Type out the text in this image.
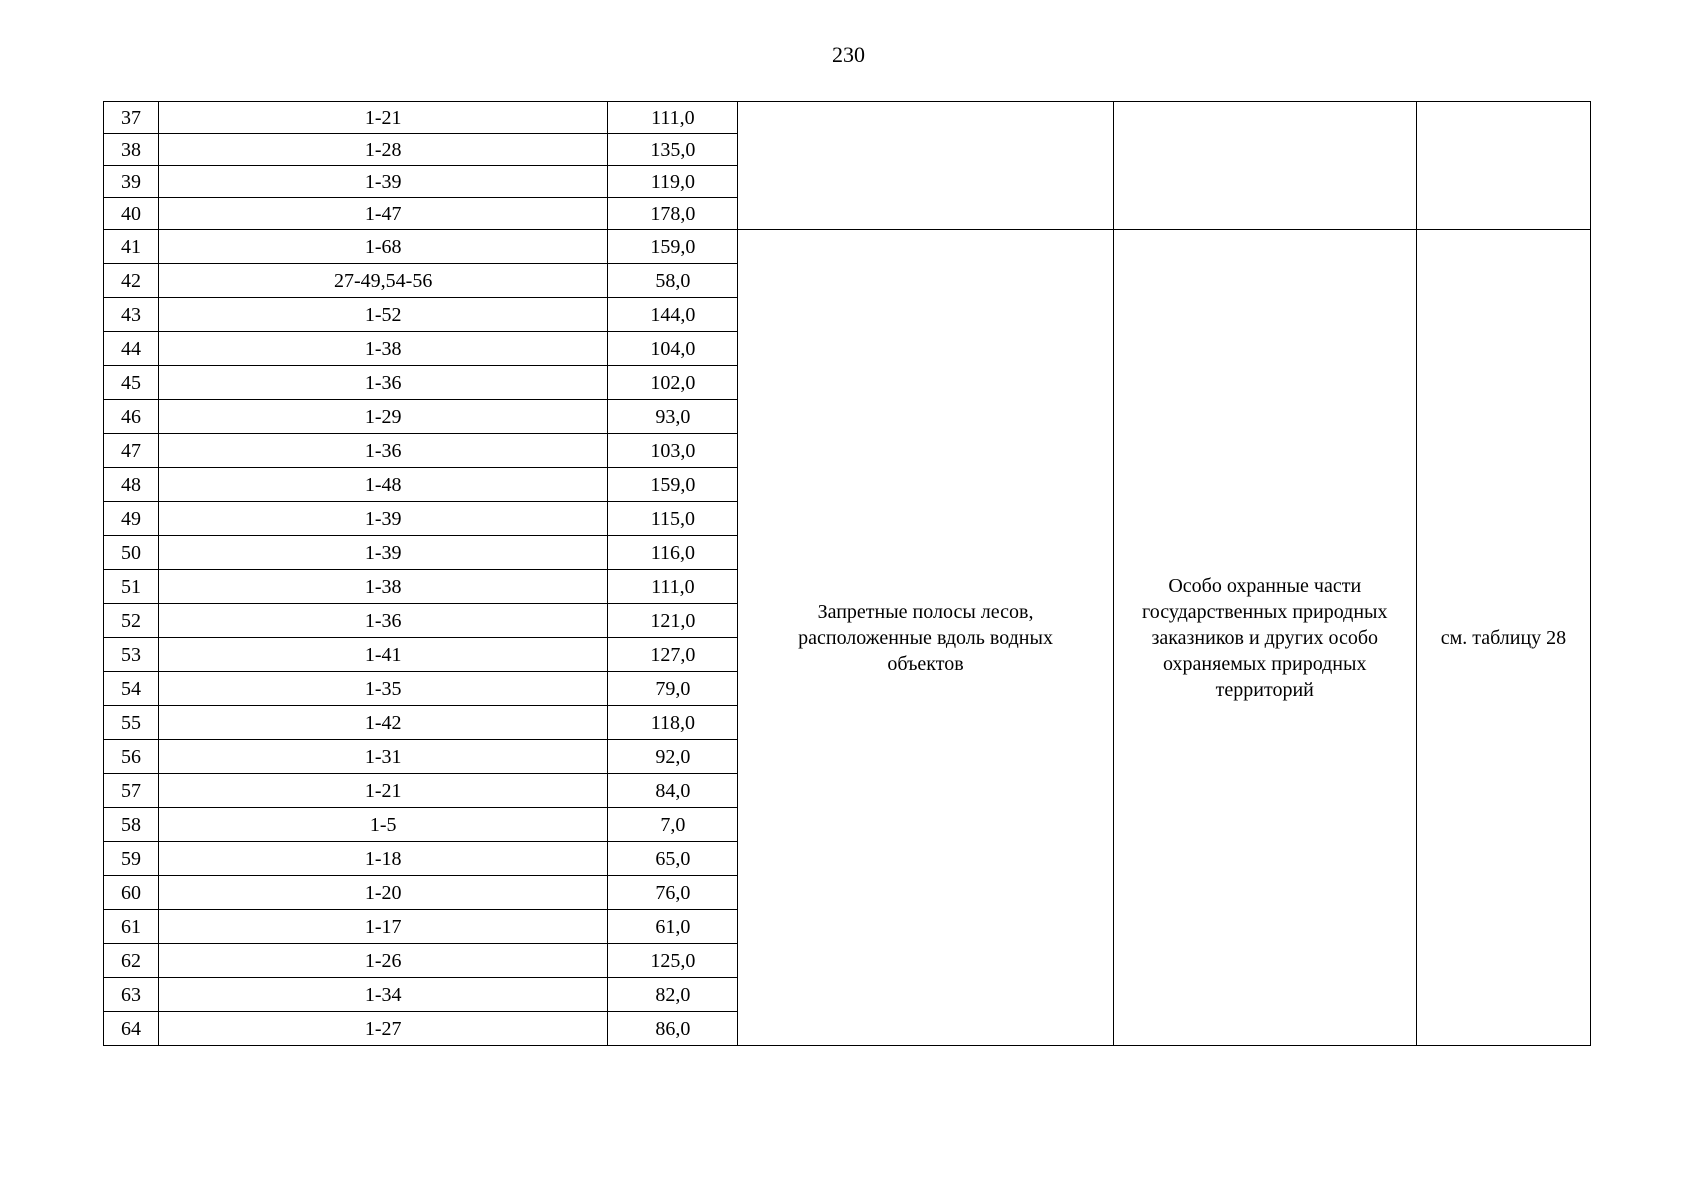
230
37	1-21	111,0			
38	1-28	135,0			
39	1-39	119,0			
40	1-47	178,0			
41	1-68	159,0	Запретные полосы лесов,
расположенные вдоль водных
объектов	Особо охранные части
государственных природных
заказников и других особо
охраняемых природных
территорий	см. таблицу 28
42	27-49,54-56	58,0			
43	1-52	144,0			
44	1-38	104,0			
45	1-36	102,0			
46	1-29	93,0			
47	1-36	103,0			
48	1-48	159,0			
49	1-39	115,0			
50	1-39	116,0			
51	1-38	111,0			
52	1-36	121,0			
53	1-41	127,0			
54	1-35	79,0			
55	1-42	118,0			
56	1-31	92,0			
57	1-21	84,0			
58	1-5	7,0			
59	1-18	65,0			
60	1-20	76,0			
61	1-17	61,0			
62	1-26	125,0			
63	1-34	82,0			
64	1-27	86,0			
